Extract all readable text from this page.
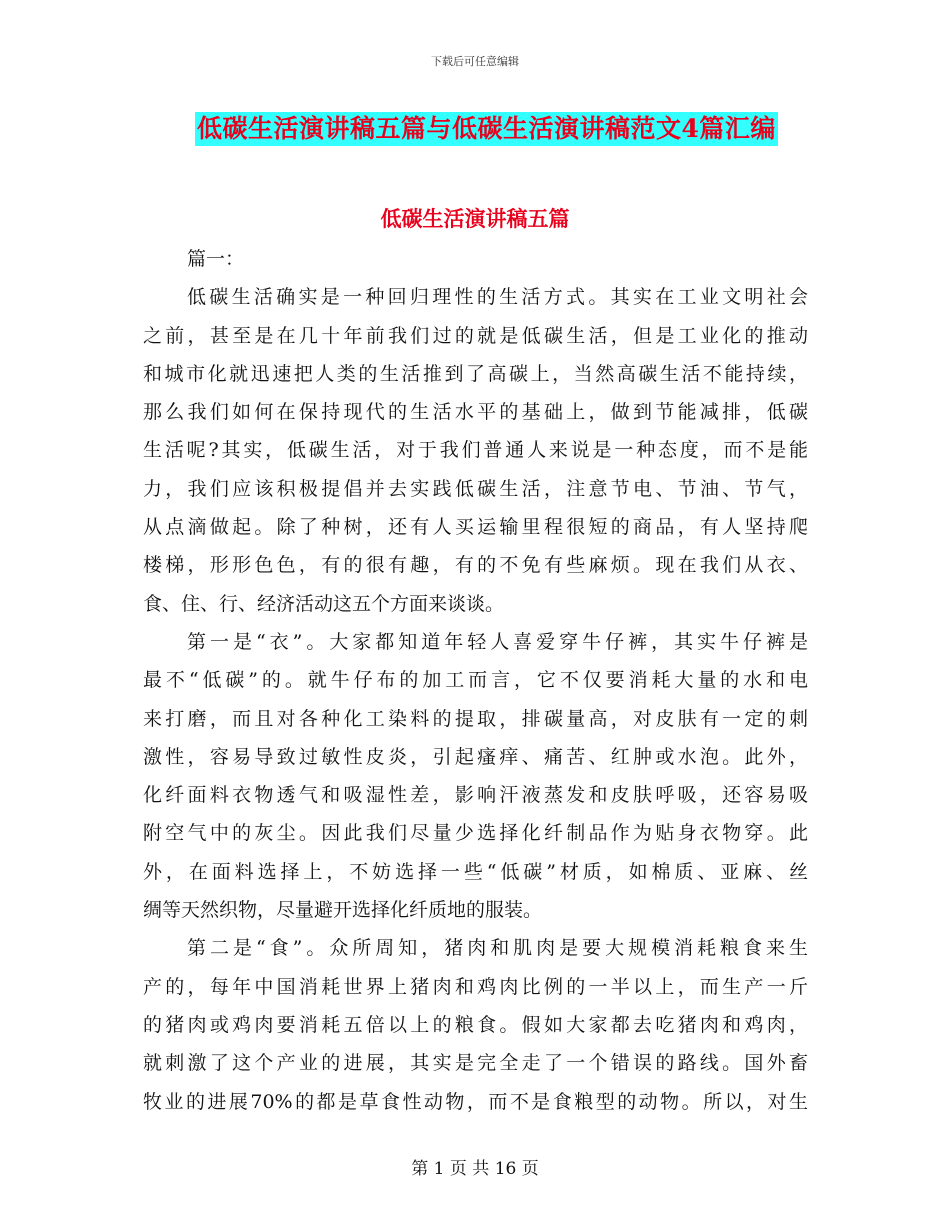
下载后可任意编辑
低碳生活演讲稿五篇与低碳生活演讲稿范文4篇汇编
低碳生活演讲稿五篇
篇一：
低碳生活确实是一种回归理性的生活方式。其实在工业文明社会
之前，甚至是在几十年前我们过的就是低碳生活，但是工业化的推动
和城市化就迅速把人类的生活推到了高碳上，当然高碳生活不能持续，
那么我们如何在保持现代的生活水平的基础上，做到节能减排，低碳
生活呢?其实，低碳生活，对于我们普通人来说是一种态度，而不是能
力，我们应该积极提倡并去实践低碳生活，注意节电、节油、节气，
从点滴做起。除了种树，还有人买运输里程很短的商品，有人坚持爬
楼梯，形形色色，有的很有趣，有的不免有些麻烦。现在我们从衣、
食、住、行、经济活动这五个方面来谈谈。
第一是“衣”。大家都知道年轻人喜爱穿牛仔裤，其实牛仔裤是
最不“低碳”的。就牛仔布的加工而言，它不仅要消耗大量的水和电
来打磨，而且对各种化工染料的提取，排碳量高，对皮肤有一定的刺
激性，容易导致过敏性皮炎，引起瘙痒、痛苦、红肿或水泡。此外，
化纤面料衣物透气和吸湿性差，影响汗液蒸发和皮肤呼吸，还容易吸
附空气中的灰尘。因此我们尽量少选择化纤制品作为贴身衣物穿。此
外，在面料选择上，不妨选择一些“低碳”材质，如棉质、亚麻、丝
绸等天然织物，尽量避开选择化纤质地的服装。
第二是“食”。众所周知，猪肉和肌肉是要大规模消耗粮食来生
产的，每年中国消耗世界上猪肉和鸡肉比例的一半以上，而生产一斤
的猪肉或鸡肉要消耗五倍以上的粮食。假如大家都去吃猪肉和鸡肉，
就刺激了这个产业的进展，其实是完全走了一个错误的路线。国外畜
牧业的进展70%的都是草食性动物，而不是食粮型的动物。所以，对生
第 1 页 共 16 页
